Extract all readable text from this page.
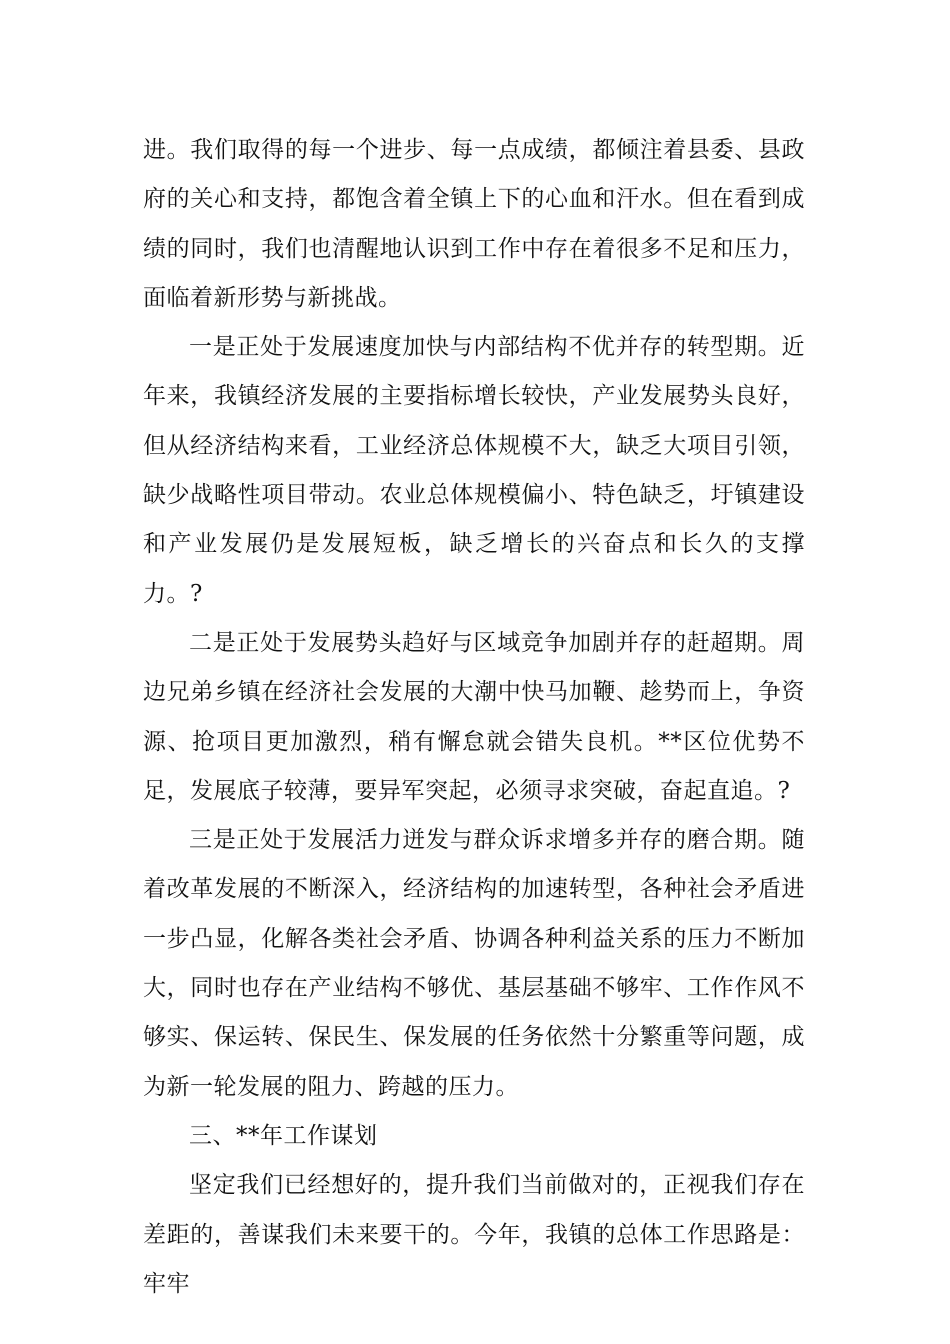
进。我们取得的每一个进步、每一点成绩，都倾注着县委、县政府的关心和支持，都饱含着全镇上下的心血和汗水。但在看到成绩的同时，我们也清醒地认识到工作中存在着很多不足和压力，面临着新形势与新挑战。

一是正处于发展速度加快与内部结构不优并存的转型期。近年来，我镇经济发展的主要指标增长较快，产业发展势头良好，但从经济结构来看，工业经济总体规模不大，缺乏大项目引领，缺少战略性项目带动。农业总体规模偏小、特色缺乏，圩镇建设和产业发展仍是发展短板，缺乏增长的兴奋点和长久的支撑力。?

二是正处于发展势头趋好与区域竞争加剧并存的赶超期。周边兄弟乡镇在经济社会发展的大潮中快马加鞭、趁势而上，争资源、抢项目更加激烈，稍有懈怠就会错失良机。**区位优势不足，发展底子较薄，要异军突起，必须寻求突破，奋起直追。?

三是正处于发展活力迸发与群众诉求增多并存的磨合期。随着改革发展的不断深入，经济结构的加速转型，各种社会矛盾进一步凸显，化解各类社会矛盾、协调各种利益关系的压力不断加大，同时也存在产业结构不够优、基层基础不够牢、工作作风不够实、保运转、保民生、保发展的任务依然十分繁重等问题，成为新一轮发展的阻力、跨越的压力。

三、**年工作谋划

坚定我们已经想好的，提升我们当前做对的，正视我们存在差距的，善谋我们未来要干的。今年，我镇的总体工作思路是：牢牢
